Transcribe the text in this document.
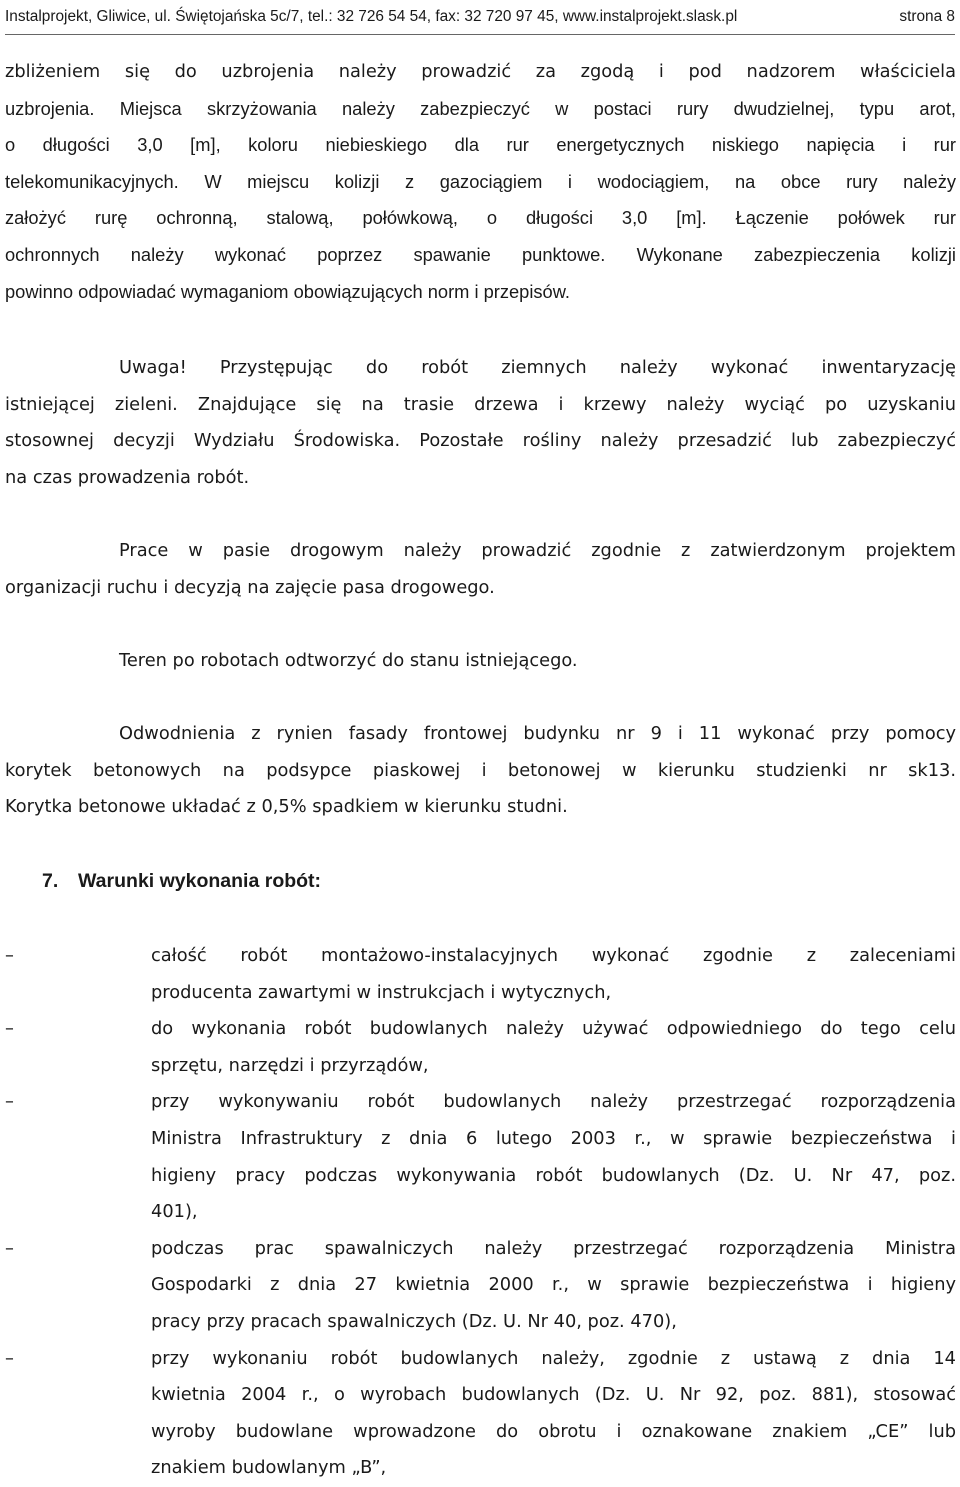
Instalprojekt, Gliwice, ul. Świętojańska 5c/7, tel.: 32 726 54 54, fax: 32 720 97 45, www.instalprojekt.slask.pl	strona 8

zbliżeniem się do uzbrojenia należy prowadzić za zgodą i pod nadzorem właściciela
uzbrojenia. Miejsca skrzyżowania należy zabezpieczyć w postaci rury dwudzielnej, typu arot,
o długości 3,0 [m], koloru niebieskiego dla rur energetycznych niskiego napięcia i rur
telekomunikacyjnych. W miejscu kolizji z gazociągiem i wodociągiem, na obce rury należy
założyć rurę ochronną, stalową, połówkową, o długości 3,0 [m]. Łączenie połówek rur
ochronnych należy wykonać poprzez spawanie punktowe. Wykonane zabezpieczenia kolizji
powinno odpowiadać wymaganiom obowiązujących norm i przepisów.

Uwaga! Przystępując do robót ziemnych należy wykonać inwentaryzację
istniejącej zieleni. Znajdujące się na trasie drzewa i krzewy należy wyciąć po uzyskaniu
stosownej decyzji Wydziału Środowiska. Pozostałe rośliny należy przesadzić lub zabezpieczyć
na czas prowadzenia robót.

Prace w pasie drogowym należy prowadzić zgodnie z zatwierdzonym projektem
organizacji ruchu i decyzją na zajęcie pasa drogowego.

Teren po robotach odtworzyć do stanu istniejącego.

Odwodnienia z rynien fasady frontowej budynku nr 9 i 11 wykonać przy pomocy
korytek betonowych na podsypce piaskowej i betonowej w kierunku studzienki nr sk13.
Korytka betonowe układać z 0,5% spadkiem w kierunku studni.

7. Warunki wykonania robót:
–	całość robót montażowo-instalacyjnych wykonać zgodnie z zaleceniami
producenta zawartymi w instrukcjach i wytycznych,
–	do wykonania robót budowlanych należy używać odpowiedniego do tego celu
sprzętu, narzędzi i przyrządów,
–	przy wykonywaniu robót budowlanych należy przestrzegać rozporządzenia
Ministra Infrastruktury z dnia 6 lutego 2003 r., w sprawie bezpieczeństwa i
higieny pracy podczas wykonywania robót budowlanych (Dz. U. Nr 47, poz.
401),
–	podczas prac spawalniczych należy przestrzegać rozporządzenia Ministra
Gospodarki z dnia 27 kwietnia 2000 r., w sprawie bezpieczeństwa i higieny
pracy przy pracach spawalniczych (Dz. U. Nr 40, poz. 470),
–	przy wykonaniu robót budowlanych należy, zgodnie z ustawą z dnia 14
kwietnia 2004 r., o wyrobach budowlanych (Dz. U. Nr 92, poz. 881), stosować
wyroby budowlane wprowadzone do obrotu i oznakowane znakiem „CE” lub
znakiem budowlanym „B”,
